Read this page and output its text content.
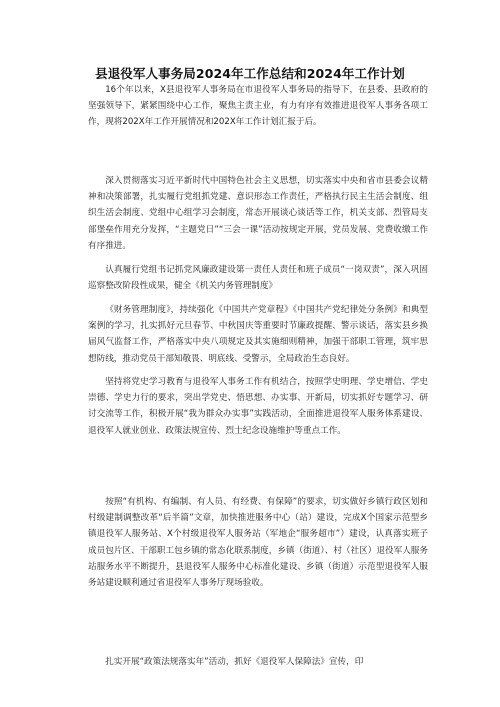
县退役军人事务局2024年工作总结和2024年工作计划

16个年以来，X县退役军人事务局在市退役军人事务局的指导下，在县委、县政府的坚强领导下，紧紧围绕中心工作，聚焦主责主业，有力有序有效推进退役军人事务各项工作，现将202X年工作开展情况和202X年工作计划汇报于后。

深入贯彻落实习近平新时代中国特色社会主义思想，切实落实中央和省市县委会议精神和决策部署，扎实履行党组抓党建、意识形态工作责任，严格执行民主生活会制度、组织生活会制度、党组中心组学习会制度，常态开展谈心谈话等工作，机关支部、烈管局支部堡垒作用充分发挥，“主题党日”“三会一课”活动按规定开展，党员发展、党费收缴工作有序推进。

认真履行党组书记抓党风廉政建设第一责任人责任和班子成员“一岗双责”，深入巩固巡察整改阶段性成果，健全《机关内务管理制度》

《财务管理制度》，持续强化《中国共产党章程》《中国共产党纪律处分条例》和典型案例的学习，扎实抓好元旦春节、中秋国庆等重要时节廉政提醒、警示谈话，落实县乡换届风气监督工作，严格落实中央八项规定及其实施细则精神，加强干部职工管理，筑牢思想防线，推动党员干部知敬畏、明底线、受警示，全局政治生态良好。

坚持将党史学习教育与退役军人事务工作有机结合，按照学史明理、学史增信、学史崇德、学史力行的要求，突出学党史、悟思想、办实事、开新局，切实抓好专题学习、研讨交流等工作，积极开展“我为群众办实事”实践活动，全面推进退役军人服务体系建设、退役军人就业创业、政策法规宣传、烈士纪念设施维护等重点工作。

按照“有机构、有编制、有人员、有经费、有保障”的要求，切实做好乡镇行政区划和村级建制调整改革“后半篇”文章，加快推进服务中心（站）建设，完成X个国家示范型乡镇退役军人服务站、X个村级退役军人服务站（军地企“服务超市”）建设，认真落实班子成员包片区、干部职工包乡镇的常态化联系制度，乡镇（街道）、村（社区）退役军人服务站服务水平不断提升，县退役军人服务中心标准化建设、乡镇（街道）示范型退役军人服务站建设顺利通过省退役军人事务厅现场验收。

扎实开展“政策法规落实年”活动，抓好《退役军人保障法》宣传，印
